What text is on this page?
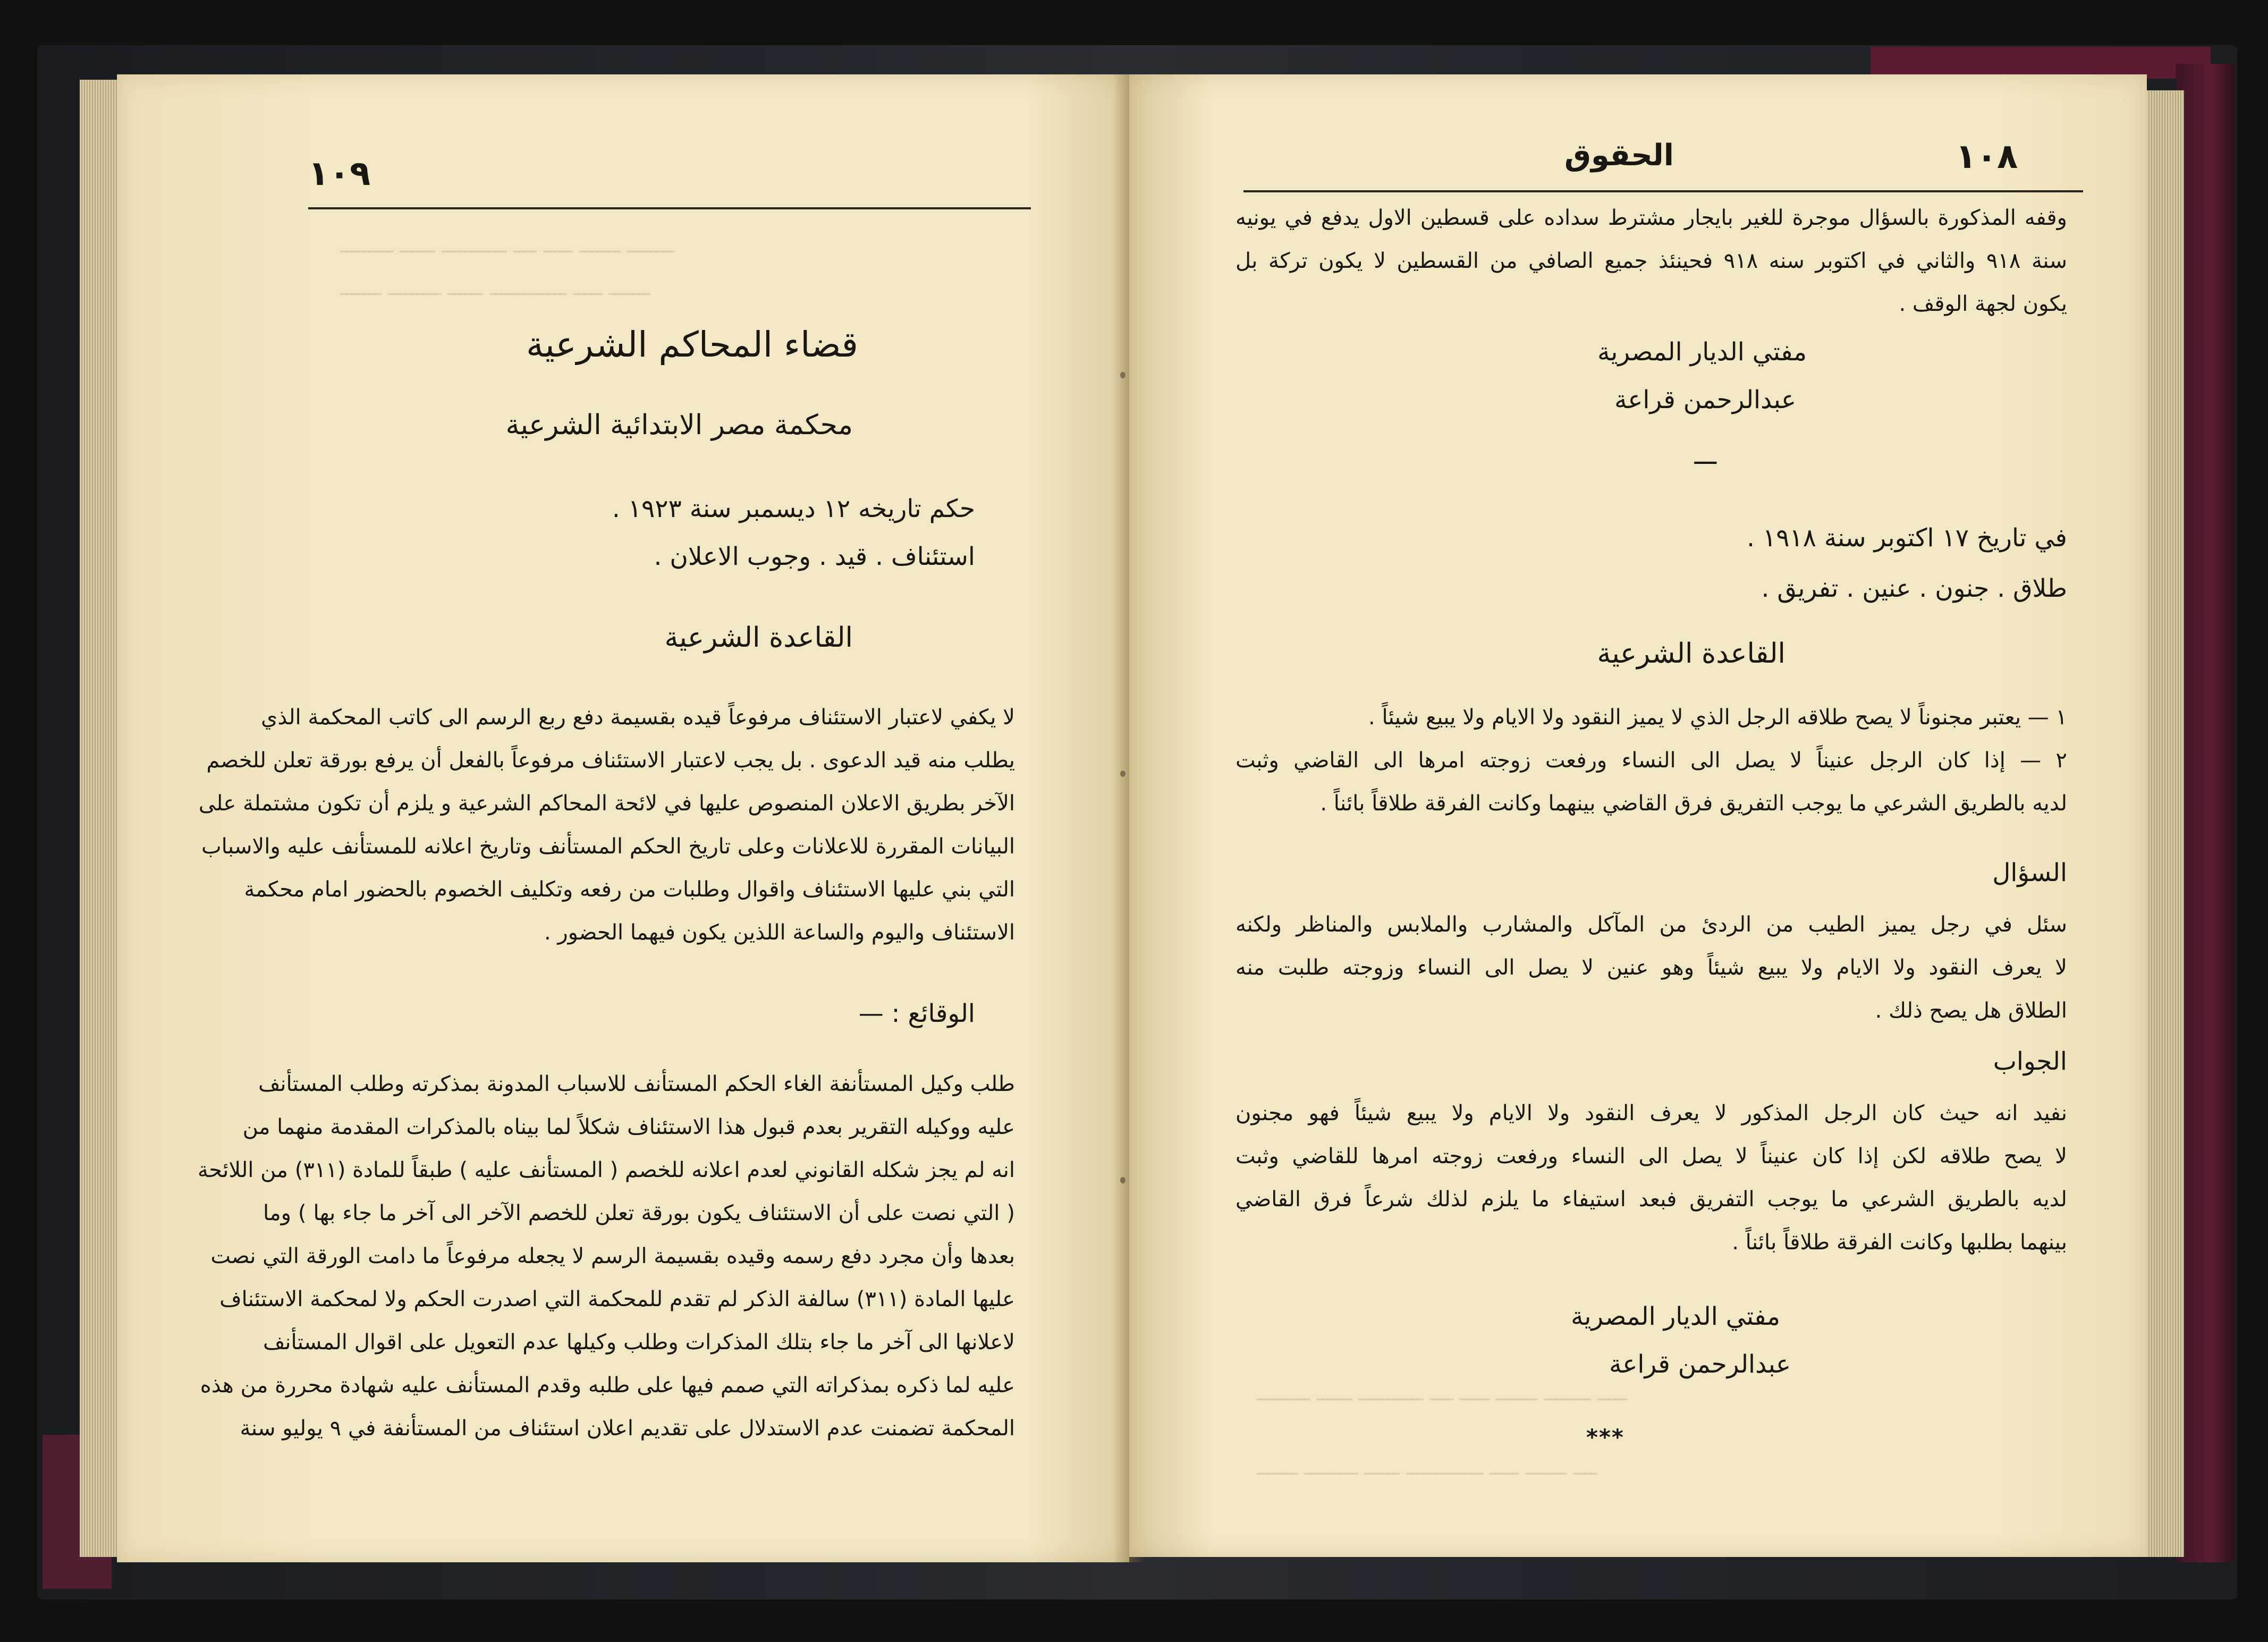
١٠٩
ـــــــــ ــــــ ـــــــــــ ــــ ـــــ ـــــــ ــــــــ
ـــــــ ـــــــــ ــــــ ـــــــــــــ ـــــ ـــــــ
قضاء المحاكم الشرعية
محكمة مصر الابتدائية الشرعية
حكم تاريخه ١٢ ديسمبر سنة ١٩٢٣ .
استئناف . قيد . وجوب الاعلان .
القاعدة الشرعية
لا يكفي لاعتبار الاستئناف مرفوعاً قيده بقسيمة دفع ربع الرسم الى كاتب المحكمة الذي
يطلب منه قيد الدعوى . بل يجب لاعتبار الاستئناف مرفوعاً بالفعل أن يرفع بورقة تعلن للخصم
الآخر بطريق الاعلان المنصوص عليها في لائحة المحاكم الشرعية و يلزم أن تكون مشتملة على
البيانات المقررة للاعلانات وعلى تاريخ الحكم المستأنف وتاريخ اعلانه للمستأنف عليه والاسباب
التي بني عليها الاستئناف واقوال وطلبات من رفعه وتكليف الخصوم بالحضور امام محكمة
الاستئناف واليوم والساعة اللذين يكون فيهما الحضور .
الوقائع : —
طلب وكيل المستأنفة الغاء الحكم المستأنف للاسباب المدونة بمذكرته وطلب المستأنف
عليه ووكيله التقرير بعدم قبول هذا الاستئناف شكلاً لما بيناه بالمذكرات المقدمة منهما من
انه لم يجز شكله القانوني لعدم اعلانه للخصم ( المستأنف عليه ) طبقاً للمادة (٣١١) من اللائحة
( التي نصت على أن الاستئناف يكون بورقة تعلن للخصم الآخر الى آخر ما جاء بها ) وما
بعدها وأن مجرد دفع رسمه وقيده بقسيمة الرسم لا يجعله مرفوعاً ما دامت الورقة التي نصت
عليها المادة (٣١١) سالفة الذكر لم تقدم للمحكمة التي اصدرت الحكم ولا لمحكمة الاستئناف
لاعلانها الى آخر ما جاء بتلك المذكرات وطلب وكيلها عدم التعويل على اقوال المستأنف
عليه لما ذكره بمذكراته التي صمم فيها على طلبه وقدم المستأنف عليه شهادة محررة من هذه
المحكمة تضمنت عدم الاستدلال على تقديم اعلان استئناف من المستأنفة في ٩ يوليو سنة
١٠٨
الحقوق
وقفه المذكورة بالسؤال موجرة للغير بايجار مشترط سداده على قسطين الاول يدفع في يونيه
سنة ٩١٨ والثاني في اكتوبر سنه ٩١٨ فحينئذ جميع الصافي من القسطين لا يكون تركة بل
يكون لجهة الوقف .
مفتي الديار المصرية
عبدالرحمن قراعة
ـــ
في تاريخ ١٧ اكتوبر سنة ١٩١٨ .
طلاق . جنون . عنين . تفريق .
القاعدة الشرعية
١ — يعتبر مجنوناً لا يصح طلاقه الرجل الذي لا يميز النقود ولا الايام ولا يبيع شيئاً .
٢ — إذا كان الرجل عنيناً لا يصل الى النساء ورفعت زوجته امرها الى القاضي وثبت
لديه بالطريق الشرعي ما يوجب التفريق فرق القاضي بينهما وكانت الفرقة طلاقاً بائناً .
السؤال
سئل في رجل يميز الطيب من الردئ من المآكل والمشارب والملابس والمناظر ولكنه
لا يعرف النقود ولا الايام ولا يبيع شيئاً وهو عنين لا يصل الى النساء وزوجته طلبت منه
الطلاق هل يصح ذلك .
الجواب
نفيد انه حيث كان الرجل المذكور لا يعرف النقود ولا الايام ولا يبيع شيئاً فهو مجنون
لا يصح طلاقه لكن إذا كان عنيناً لا يصل الى النساء ورفعت زوجته امرها للقاضي وثبت
لديه بالطريق الشرعي ما يوجب التفريق فبعد استيفاء ما يلزم لذلك شرعاً فرق القاضي
بينهما بطلبها وكانت الفرقة طلاقاً بائناً .
مفتي الديار المصرية
عبدالرحمن قراعة
***
ـــــــــ ــــــ ـــــــــــ ــــ ـــــ ـــــــ ــــــــ ـــــ
ـــــــ ـــــــــ ــــــ ـــــــــــــ ـــــ ـــــــ ــــ
